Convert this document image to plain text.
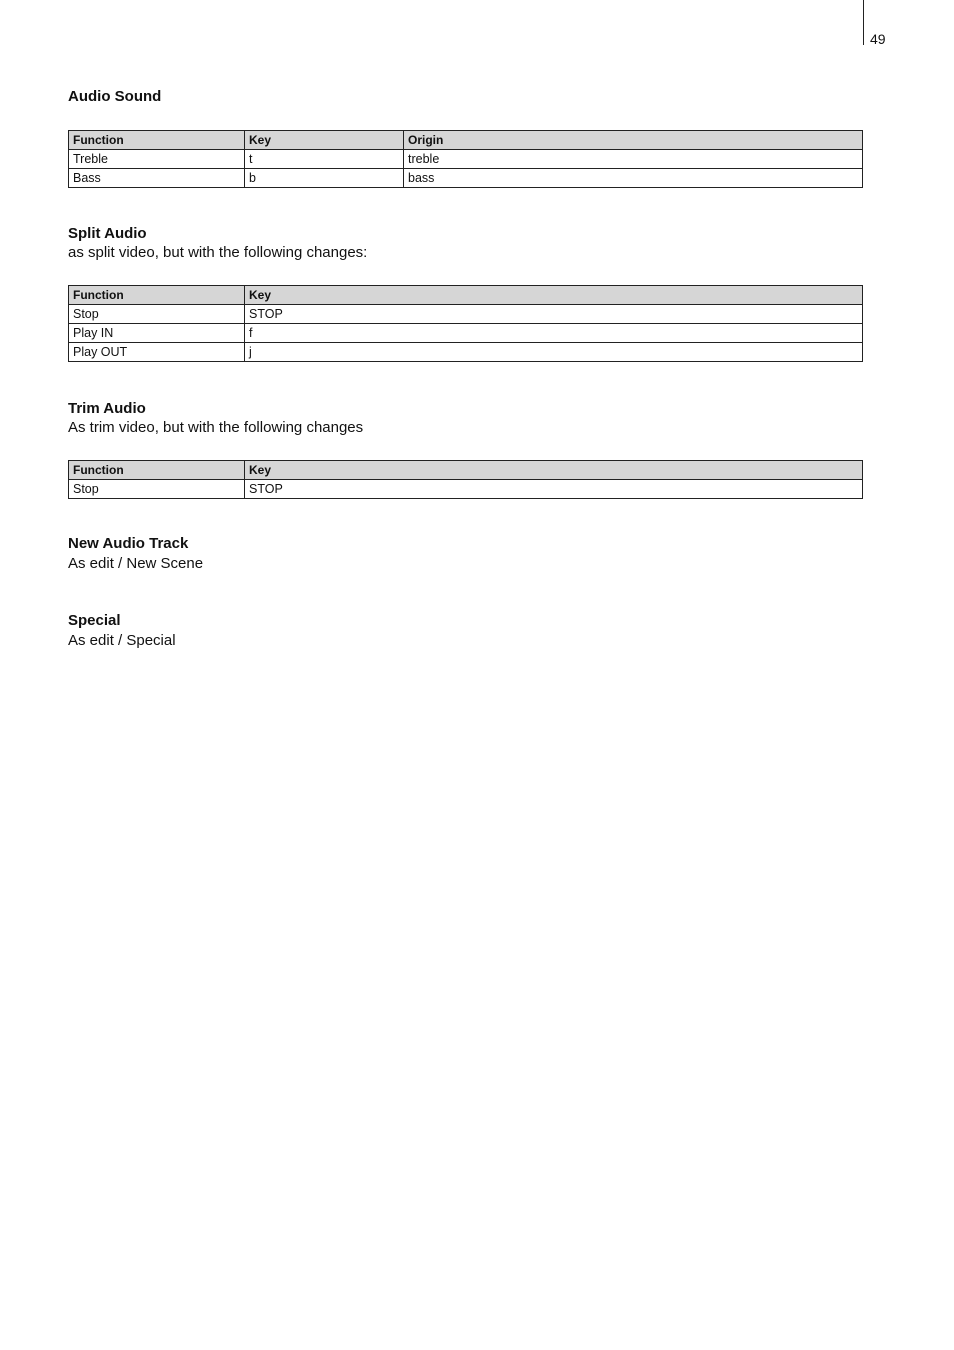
49
Audio Sound
Function	Key	Origin
Treble	t	treble
Bass	b	bass
Split Audio

as split video, but with the following changes:

Function	Key
Stop	STOP
Play IN	f
Play OUT	j
Trim Audio

As trim video, but with the following changes

Function	Key
Stop	STOP
New Audio Track

As edit / New Scene

Special

As edit / Special
